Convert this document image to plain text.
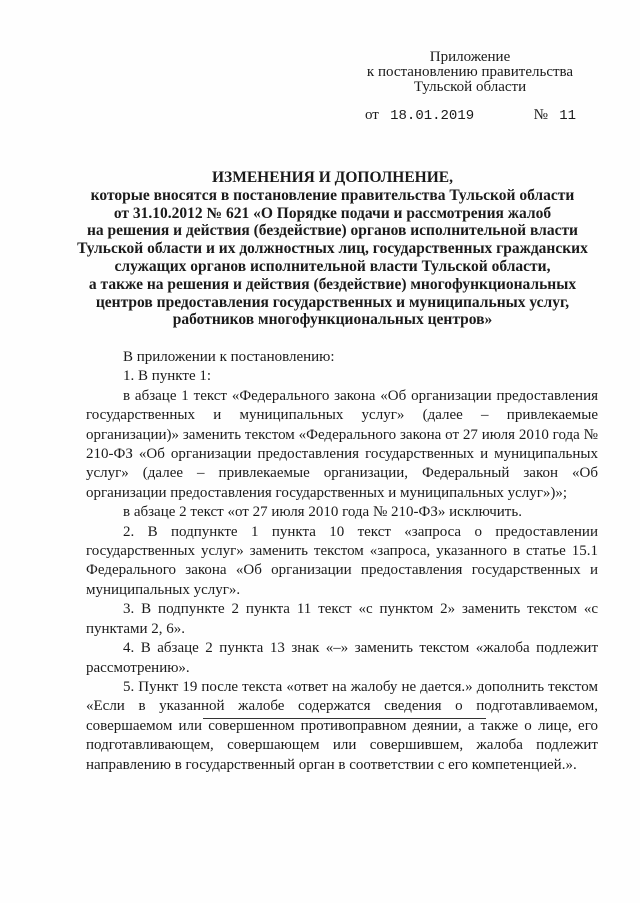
Приложение
к постановлению правительства
Тульской области
от 18.01.2019	№ 11
ИЗМЕНЕНИЯ И ДОПОЛНЕНИЕ,
которые вносятся в постановление правительства Тульской области
от 31.10.2012 № 621 «О Порядке подачи и рассмотрения жалоб
на решения и действия (бездействие) органов исполнительной власти
Тульской области и их должностных лиц, государственных гражданских
служащих органов исполнительной власти Тульской области,
а также на решения и действия (бездействие) многофункциональных
центров предоставления государственных и муниципальных услуг,
работников многофункциональных центров»

В приложении к постановлению:

1. В пункте 1:

в абзаце 1 текст «Федерального закона «Об организации предоставления государственных и муниципальных услуг» (далее – привлекаемые организации)» заменить текстом «Федерального закона от 27 июля 2010 года № 210-ФЗ «Об организации предоставления государственных и муниципальных услуг» (далее – привлекаемые организации, Федеральный закон «Об организации предоставления государственных и муниципальных услуг»)»;

в абзаце 2 текст «от 27 июля 2010 года № 210-ФЗ» исключить.

2. В подпункте 1 пункта 10 текст «запроса о предоставлении государственных услуг» заменить текстом «запроса, указанного в статье 15.1 Федерального закона «Об организации предоставления государственных и муниципальных услуг».

3. В подпункте 2 пункта 11 текст «с пунктом 2» заменить текстом «с пунктами 2, 6».

4. В абзаце 2 пункта 13 знак «–» заменить текстом «жалоба подлежит рассмотрению».

5. Пункт 19 после текста «ответ на жалобу не дается.» дополнить текстом «Если в указанной жалобе содержатся сведения о подготавливаемом, совершаемом или совершенном противоправном деянии, а также о лице, его подготавливающем, совершающем или совершившем, жалоба подлежит направлению в государственный орган в соответствии с его компетенцией.».
